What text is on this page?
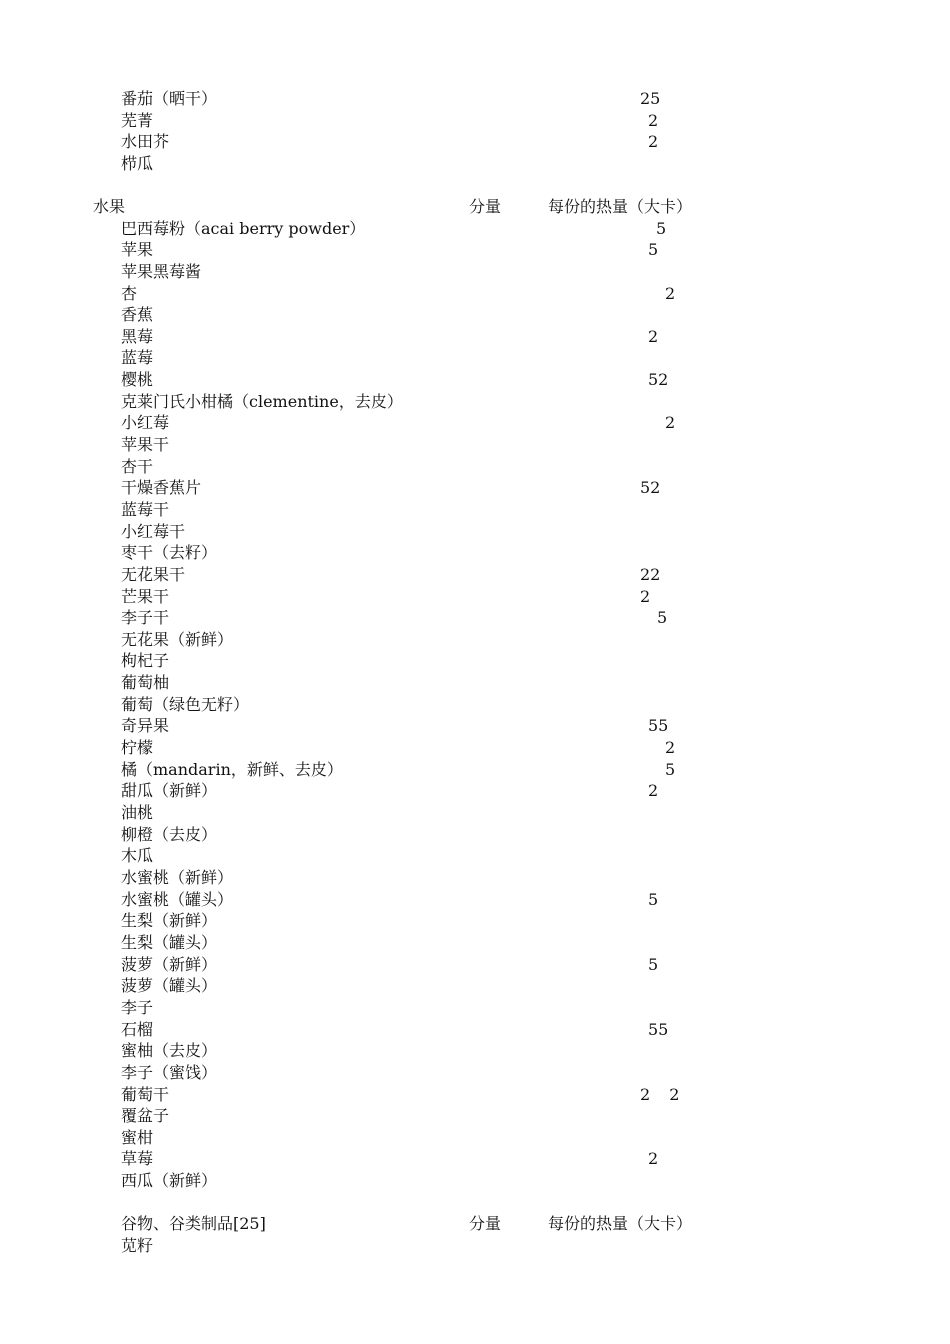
番茄（晒干）	25
芜菁	2
水田芥	2
栉瓜
水果	分量	每份的热量（大卡）
巴西莓粉（acai berry powder）	5
苹果	5
苹果黑莓酱
杏	2
香蕉
黑莓	2
蓝莓
樱桃	52
克莱门氏小柑橘（clementine，去皮）
小红莓	2
苹果干
杏干
干燥香蕉片	52
蓝莓干
小红莓干
枣干（去籽）
无花果干	22
芒果干	2
李子干	5
无花果（新鲜）
枸杞子
葡萄柚
葡萄（绿色无籽）
奇异果	55
柠檬	2
橘（mandarin，新鲜、去皮）	5
甜瓜（新鲜）	2
油桃
柳橙（去皮）
木瓜
水蜜桃（新鲜）
水蜜桃（罐头）	5
生梨（新鲜）
生梨（罐头）
菠萝（新鲜）	5
菠萝（罐头）
李子
石榴	55
蜜柚（去皮）
李子（蜜饯）
葡萄干	2 2
覆盆子
蜜柑
草莓	2
西瓜（新鲜）
谷物、谷类制品[25]	分量	每份的热量（大卡）
苋籽
